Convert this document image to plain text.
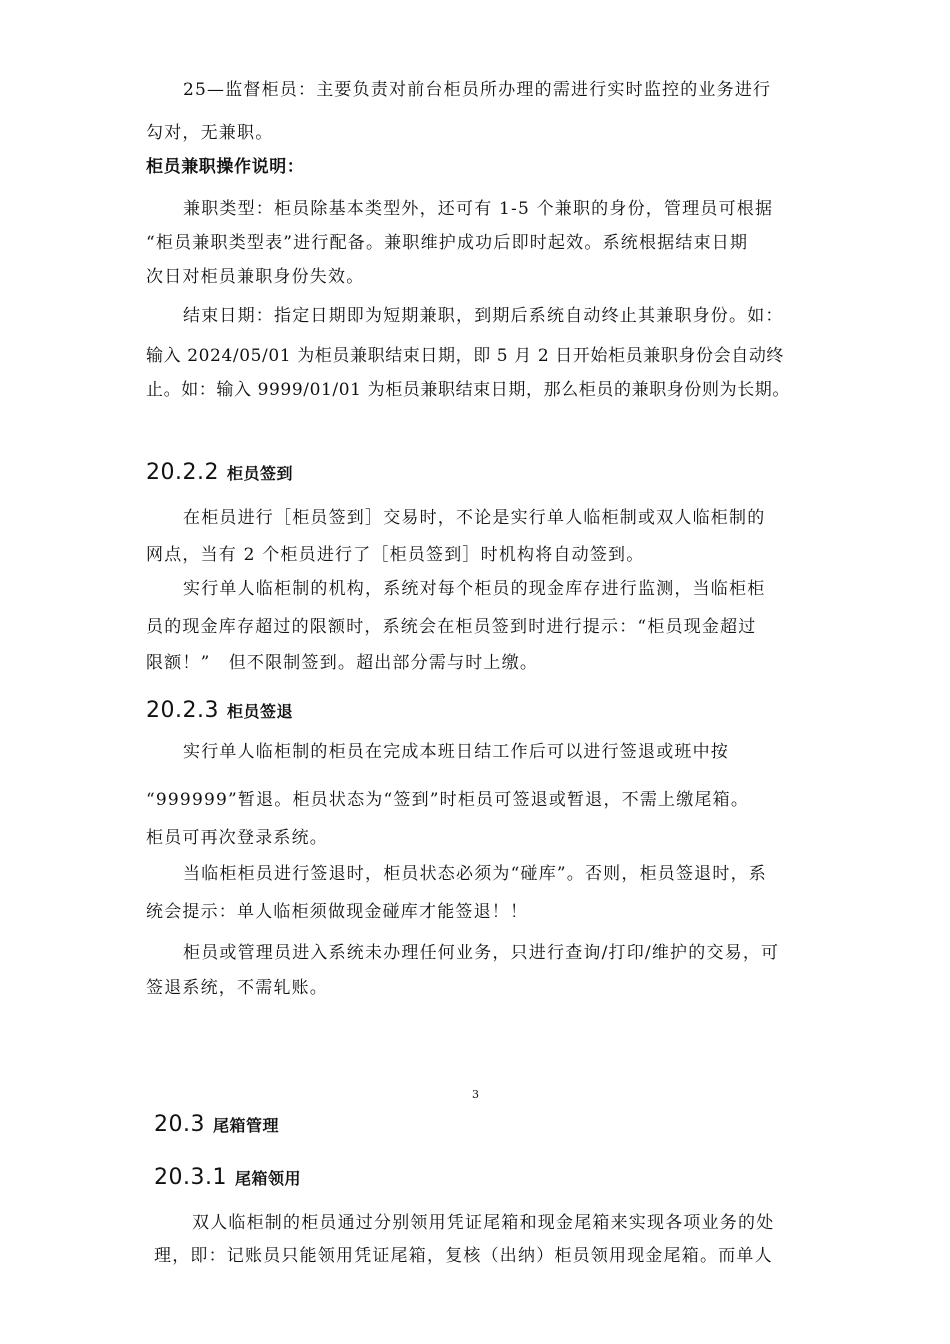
25—监督柜员：主要负责对前台柜员所办理的需进行实时监控的业务进行
勾对，无兼职。
柜员兼职操作说明：
兼职类型：柜员除基本类型外，还可有 1-5 个兼职的身份，管理员可根据
“柜员兼职类型表”进行配备。兼职维护成功后即时起效。系统根据结束日期
次日对柜员兼职身份失效。
结束日期：指定日期即为短期兼职，到期后系统自动终止其兼职身份。如：
输入 2024/05/01 为柜员兼职结束日期，即 5 月 2 日开始柜员兼职身份会自动终
止。如：输入 9999/01/01 为柜员兼职结束日期，那么柜员的兼职身份则为长期。
20.2.2 柜员签到
在柜员进行［柜员签到］交易时，不论是实行单人临柜制或双人临柜制的
网点，当有 2 个柜员进行了［柜员签到］时机构将自动签到。
实行单人临柜制的机构，系统对每个柜员的现金库存进行监测，当临柜柜
员的现金库存超过的限额时，系统会在柜员签到时进行提示：“柜员现金超过
限额！”　但不限制签到。超出部分需与时上缴。
20.2.3 柜员签退
实行单人临柜制的柜员在完成本班日结工作后可以进行签退或班中按
“999999”暂退。柜员状态为“签到”时柜员可签退或暂退，不需上缴尾箱。
柜员可再次登录系统。
当临柜柜员进行签退时，柜员状态必须为“碰库”。否则，柜员签退时，系
统会提示：单人临柜须做现金碰库才能签退！！
柜员或管理员进入系统未办理任何业务，只进行查询/打印/维护的交易，可
签退系统，不需轧账。
3
20.3 尾箱管理
20.3.1 尾箱领用
双人临柜制的柜员通过分别领用凭证尾箱和现金尾箱来实现各项业务的处
理，即：记账员只能领用凭证尾箱，复核（出纳）柜员领用现金尾箱。而单人
